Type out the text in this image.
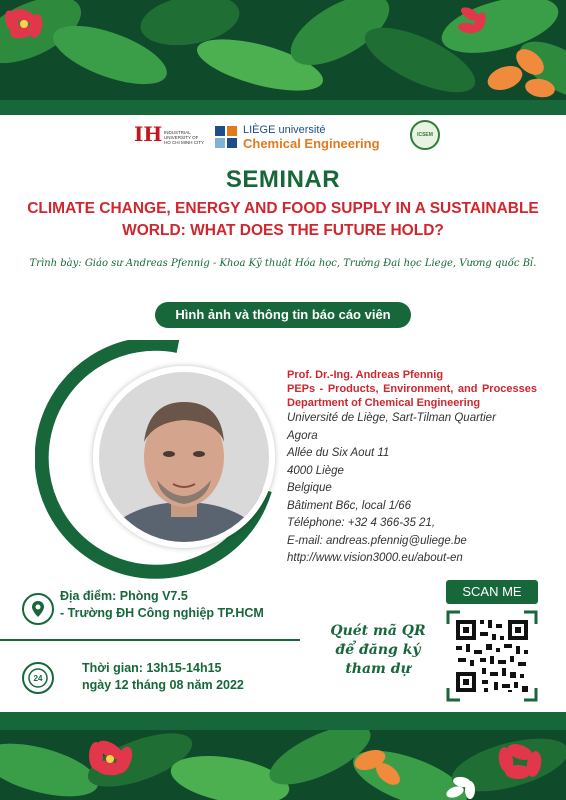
IH INDUSTRIAL UNIVERSITY OF HO CHI MINH CITY
LIÈGE université
Chemical Engineering
ICSEM
SEMINAR
CLIMATE CHANGE, ENERGY AND FOOD SUPPLY IN A SUSTAINABLE WORLD: WHAT DOES THE FUTURE HOLD?
Trình bày: Giáo sư Andreas Pfennig - Khoa Kỹ thuật Hóa học, Trường Đại học Liege, Vương quốc Bỉ.
Hình ảnh và thông tin báo cáo viên
Prof. Dr.-Ing. Andreas Pfennig
PEPs - Products, Environment, and Processes
Department of Chemical Engineering
Université de Liège, Sart-Tilman Quartier
Agora
Allée du Six Aout 11
4000 Liège
Belgique
Bâtiment B6c, local 1/66
Téléphone: +32 4 366-35 21,
E-mail: andreas.pfennig@uliege.be
http://www.vision3000.eu/about-en
Địa điểm: Phòng V7.5
- Trường ĐH Công nghiệp TP.HCM
24
Thời gian: 13h15-14h15
ngày 12 tháng 08 năm 2022
Quét mã QR
để đăng ký tham dự
SCAN ME
